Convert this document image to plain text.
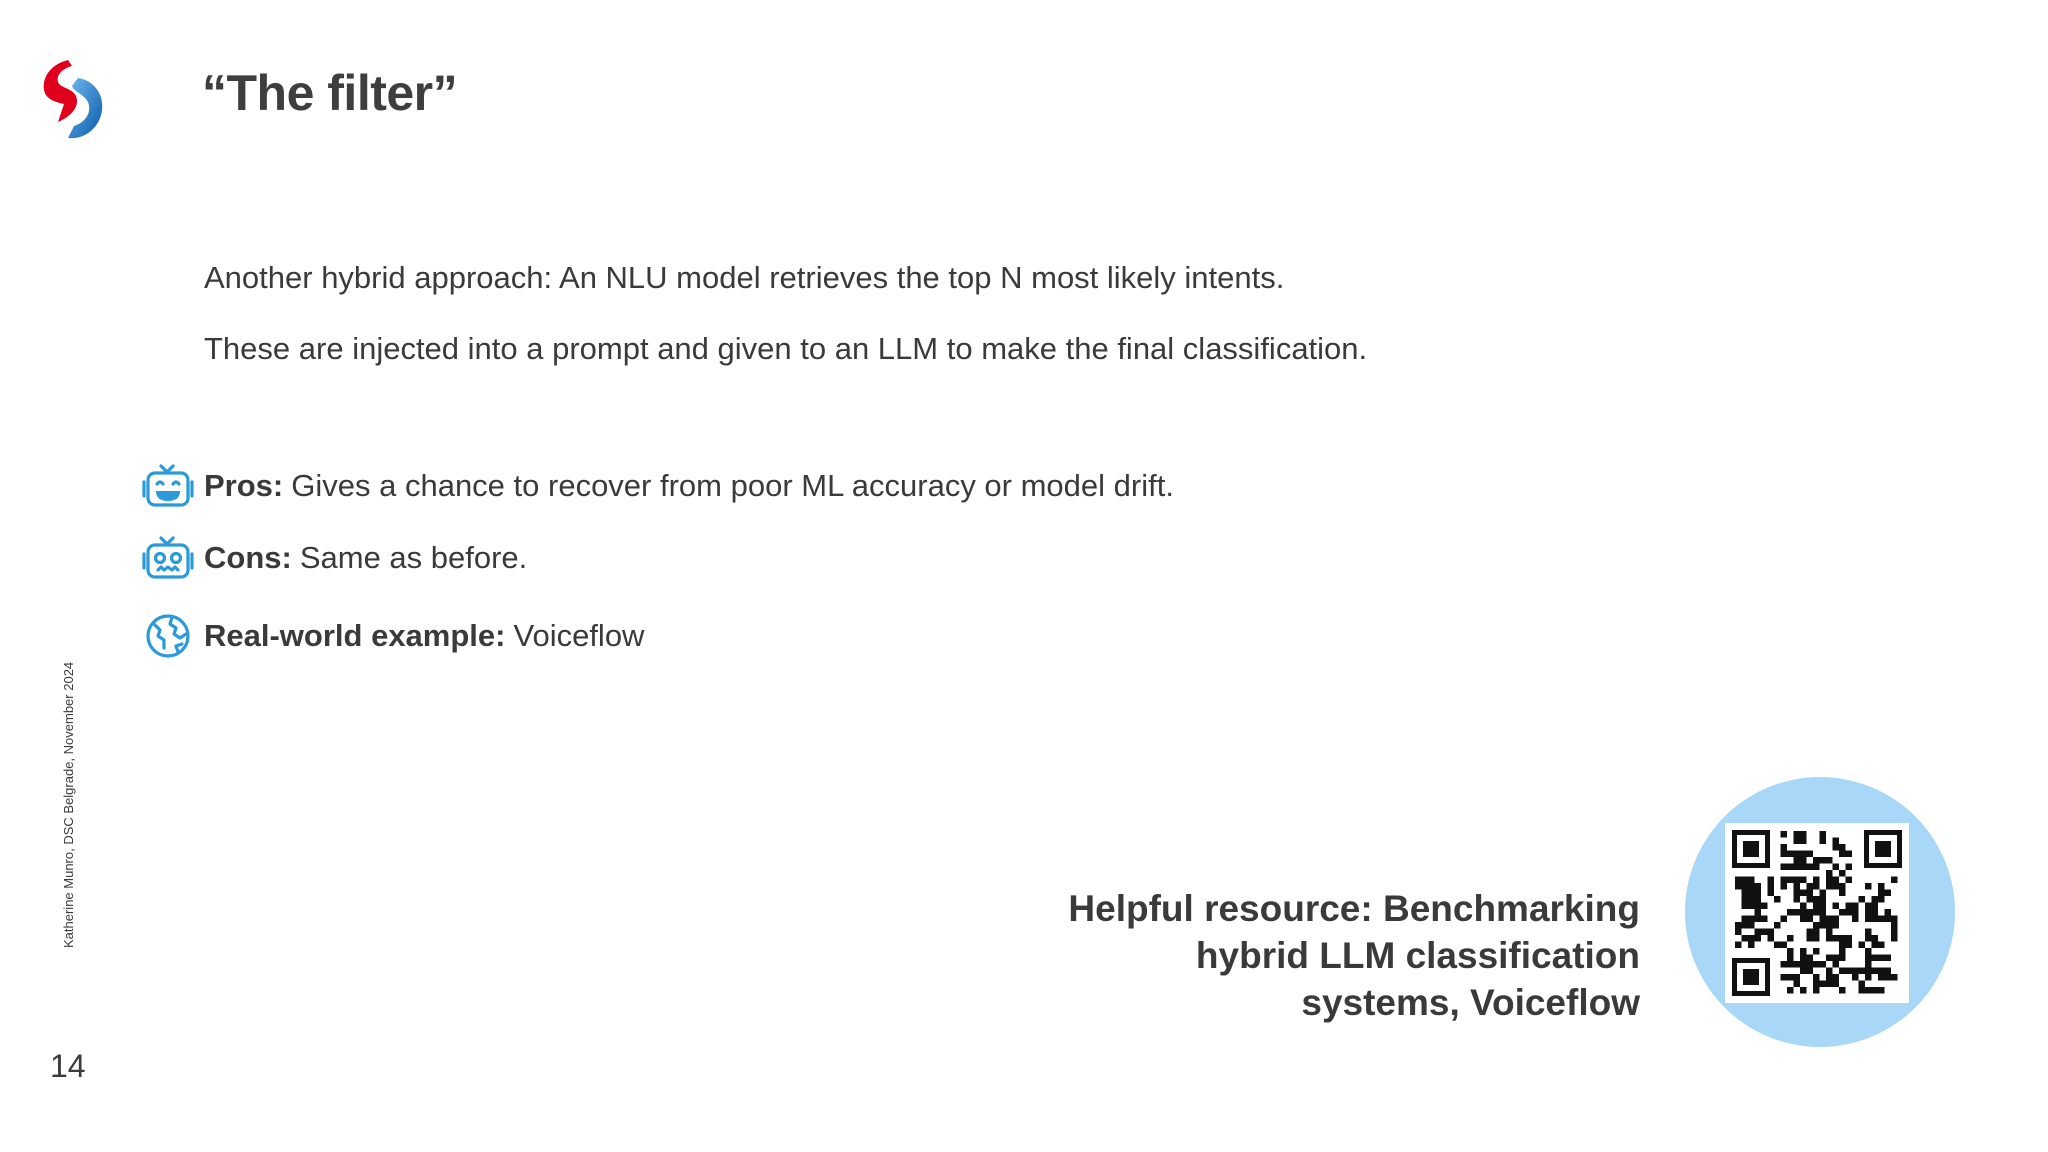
“The filter”
Another hybrid approach: An NLU model retrieves the top N most likely intents.
These are injected into a prompt and given to an LLM to make the final classification.
Pros: Gives a chance to recover from poor ML accuracy or model drift.
Cons: Same as before.
Real-world example: Voiceflow
Katherine Munro, DSC Belgrade, November 2024
14
Helpful resource: Benchmarking
hybrid LLM classification
systems, Voiceflow
